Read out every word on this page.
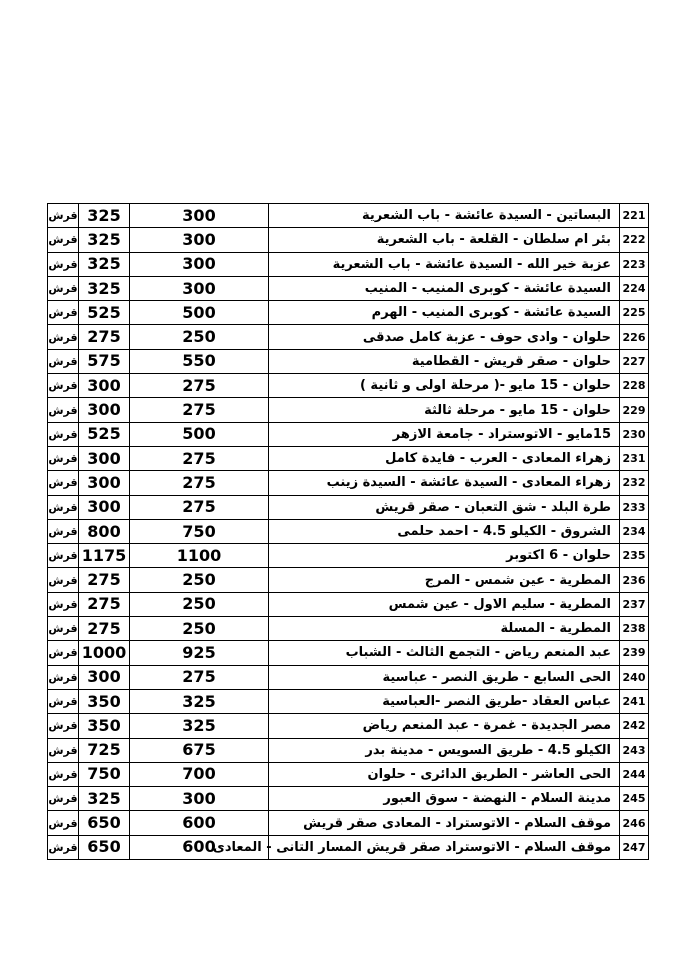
قرش	325	300	البساتين - السيدة عائشة - باب الشعرية	221
قرش	325	300	بئر ام سلطان - القلعة - باب الشعرية	222
قرش	325	300	عزبة خير الله - السيدة عائشة - باب الشعرية	223
قرش	325	300	السيدة عائشة - كوبرى المنيب - المنيب	224
قرش	525	500	السيدة عائشة - كوبرى المنيب - الهرم	225
قرش	275	250	حلوان - وادى حوف - عزبة كامل صدقى	226
قرش	575	550	حلوان - صقر قريش - القطامية	227
قرش	300	275	حلوان - 15 مايو -( مرحلة اولى و ثانية )	228
قرش	300	275	حلوان - 15 مايو - مرحلة ثالثة	229
قرش	525	500	15مايو - الاتوستراد - جامعة الازهر	230
قرش	300	275	زهراء المعادى - العرب - فايدة كامل	231
قرش	300	275	زهراء المعادى - السيدة عائشة - السيدة زينب	232
قرش	300	275	طرة البلد - شق التعبان - صقر قريش	233
قرش	800	750	الشروق - الكيلو 4.5 - احمد حلمى	234
قرش	1175	1100	حلوان - 6 اكتوبر	235
قرش	275	250	المطرية - عين شمس - المرج	236
قرش	275	250	المطرية - سليم الاول - عين شمس	237
قرش	275	250	المطرية - المسلة	238
قرش	1000	925	عبد المنعم رياض - التجمع الثالث - الشباب	239
قرش	300	275	الحى السابع - طريق النصر - عباسية	240
قرش	350	325	عباس العقاد -طريق النصر -العباسية	241
قرش	350	325	مصر الجديدة - غمرة - عبد المنعم رياض	242
قرش	725	675	الكيلو 4.5 - طريق السويس - مدينة بدر	243
قرش	750	700	الحى العاشر - الطريق الدائرى - حلوان	244
قرش	325	300	مدينة السلام - النهضة - سوق العبور	245
قرش	650	600	موقف السلام - الاتوستراد - المعادى صقر قريش	246
قرش	650	600	موقف السلام - الاتوستراد صقر قريش المسار التانى - المعادى	247
